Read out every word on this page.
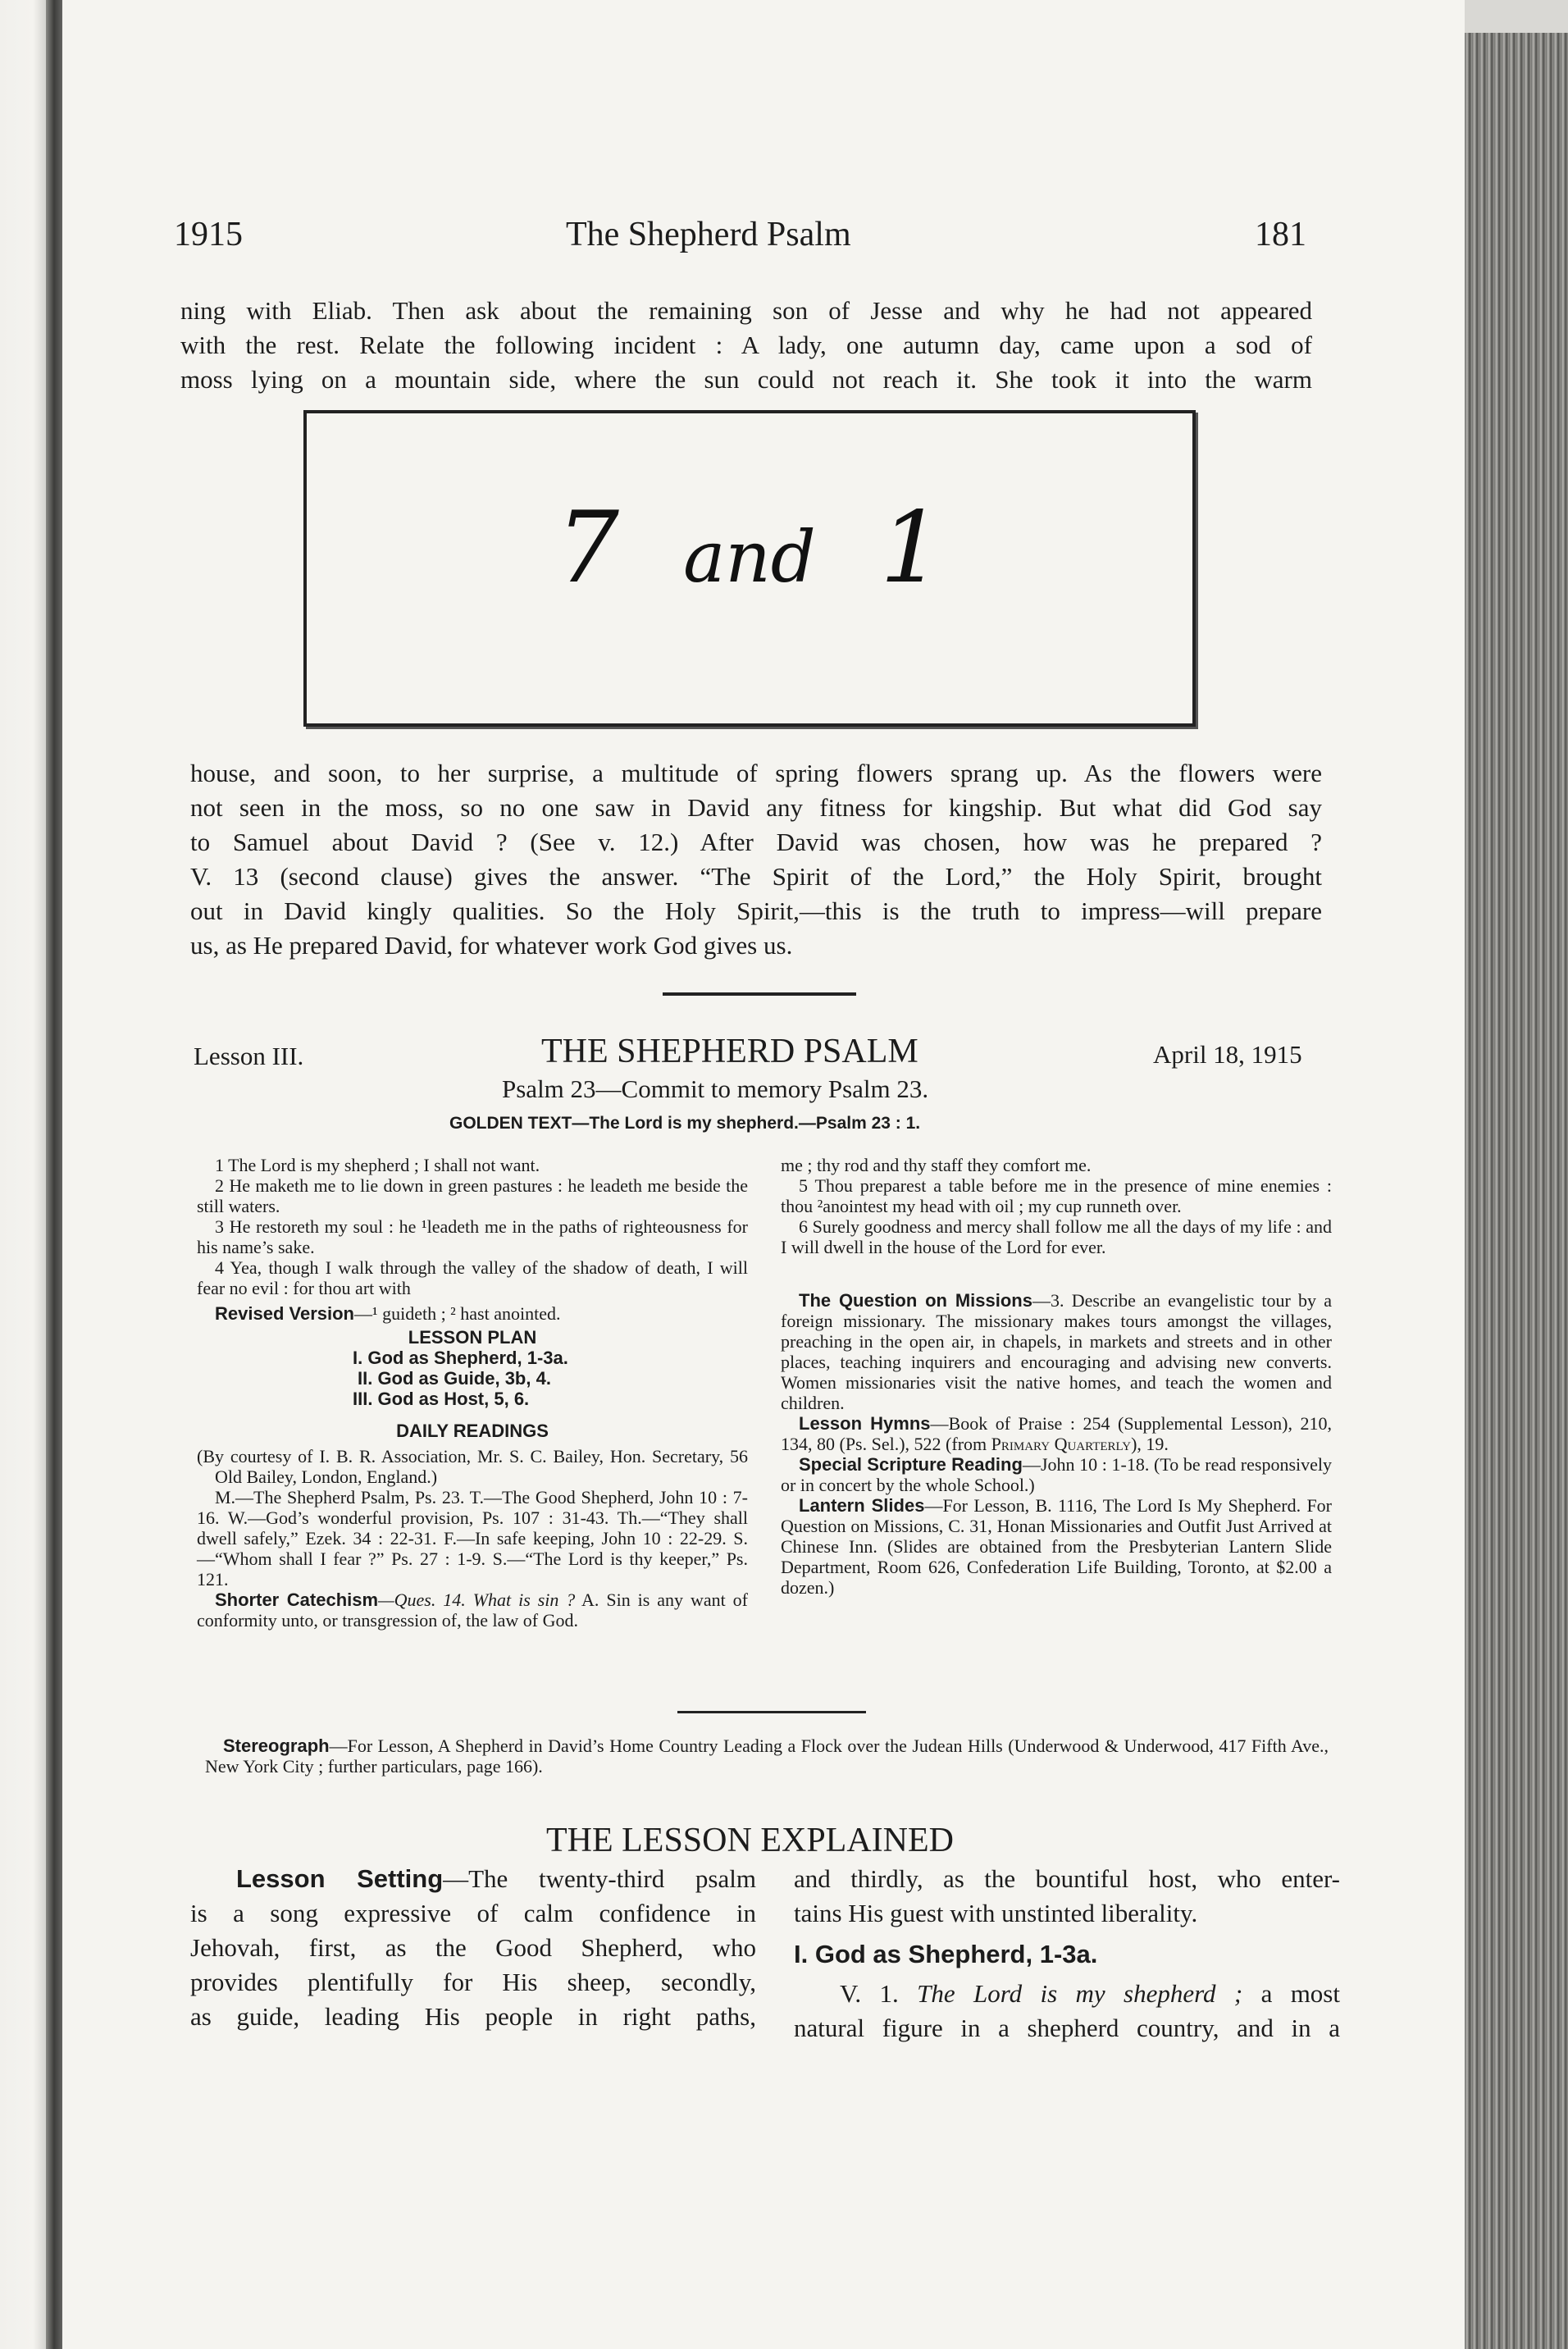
1915	The Shepherd Psalm	181

ning with Eliab. Then ask about the remaining son of Jesse and why he had not appeared

with the rest. Relate the following incident : A lady, one autumn day, came upon a sod of

moss lying on a mountain side, where the sun could not reach it. She took it into the warm

7 and 1

house, and soon, to her surprise, a multitude of spring flowers sprang up. As the flowers were

not seen in the moss, so no one saw in David any fitness for kingship. But what did God say

to Samuel about David ? (See v. 12.) After David was chosen, how was he prepared ?

V. 13 (second clause) gives the answer. “The Spirit of the Lord,” the Holy Spirit, brought

out in David kingly qualities. So the Holy Spirit,—this is the truth to impress—will prepare

us, as He prepared David, for whatever work God gives us.

Lesson III.	THE SHEPHERD PSALM	April 18, 1915
Psalm 23—Commit to memory Psalm 23.
GOLDEN TEXT—The Lord is my shepherd.—Psalm 23 : 1.

1 The Lord is my shepherd ; I shall not want.

2 He maketh me to lie down in green pastures : he leadeth me beside the still waters.

3 He restoreth my soul : he ¹leadeth me in the paths of righteousness for his name’s sake.

4 Yea, though I walk through the valley of the shadow of death, I will fear no evil : for thou art with

Revised Version—¹ guideth ; ² hast anointed.

LESSON PLAN

I. God as Shepherd, 1-3a.

II. God as Guide, 3b, 4.

III. God as Host, 5, 6.

DAILY READINGS

(By courtesy of I. B. R. Association, Mr. S. C. Bailey, Hon. Secretary, 56 Old Bailey, London, England.)

M.—The Shepherd Psalm, Ps. 23. T.—The Good Shepherd, John 10 : 7-16. W.—God’s wonderful provision, Ps. 107 : 31-43. Th.—“They shall dwell safely,” Ezek. 34 : 22-31. F.—In safe keeping, John 10 : 22-29. S.—“Whom shall I fear ?” Ps. 27 : 1-9. S.—“The Lord is thy keeper,” Ps. 121.

Shorter Catechism—Ques. 14. What is sin ? A. Sin is any want of conformity unto, or transgression of, the law of God.

me ; thy rod and thy staff they comfort me.

5 Thou preparest a table before me in the presence of mine enemies : thou ²anointest my head with oil ; my cup runneth over.

6 Surely goodness and mercy shall follow me all the days of my life : and I will dwell in the house of the Lord for ever.

The Question on Missions—3. Describe an evangelistic tour by a foreign missionary. The missionary makes tours amongst the villages, preaching in the open air, in chapels, in markets and streets and in other places, teaching inquirers and encouraging and advising new converts. Women missionaries visit the native homes, and teach the women and children.

Lesson Hymns—Book of Praise : 254 (Supplemental Lesson), 210, 134, 80 (Ps. Sel.), 522 (from Primary Quarterly), 19.

Special Scripture Reading—John 10 : 1-18. (To be read responsively or in concert by the whole School.)

Lantern Slides—For Lesson, B. 1116, The Lord Is My Shepherd. For Question on Missions, C. 31, Honan Missionaries and Outfit Just Arrived at Chinese Inn. (Slides are obtained from the Presbyterian Lantern Slide Department, Room 626, Confederation Life Building, Toronto, at $2.00 a dozen.)

Stereograph—For Lesson, A Shepherd in David’s Home Country Leading a Flock over the Judean Hills (Underwood & Underwood, 417 Fifth Ave., New York City ; further particulars, page 166).

THE LESSON EXPLAINED

Lesson Setting—The twenty-third psalm

is a song expressive of calm confidence in

Jehovah, first, as the Good Shepherd, who

provides plentifully for His sheep, secondly,

as guide, leading His people in right paths,

and thirdly, as the bountiful host, who enter-

tains His guest with unstinted liberality.

I. God as Shepherd, 1-3a.

V. 1. The Lord is my shepherd ; a most

natural figure in a shepherd country, and in a
